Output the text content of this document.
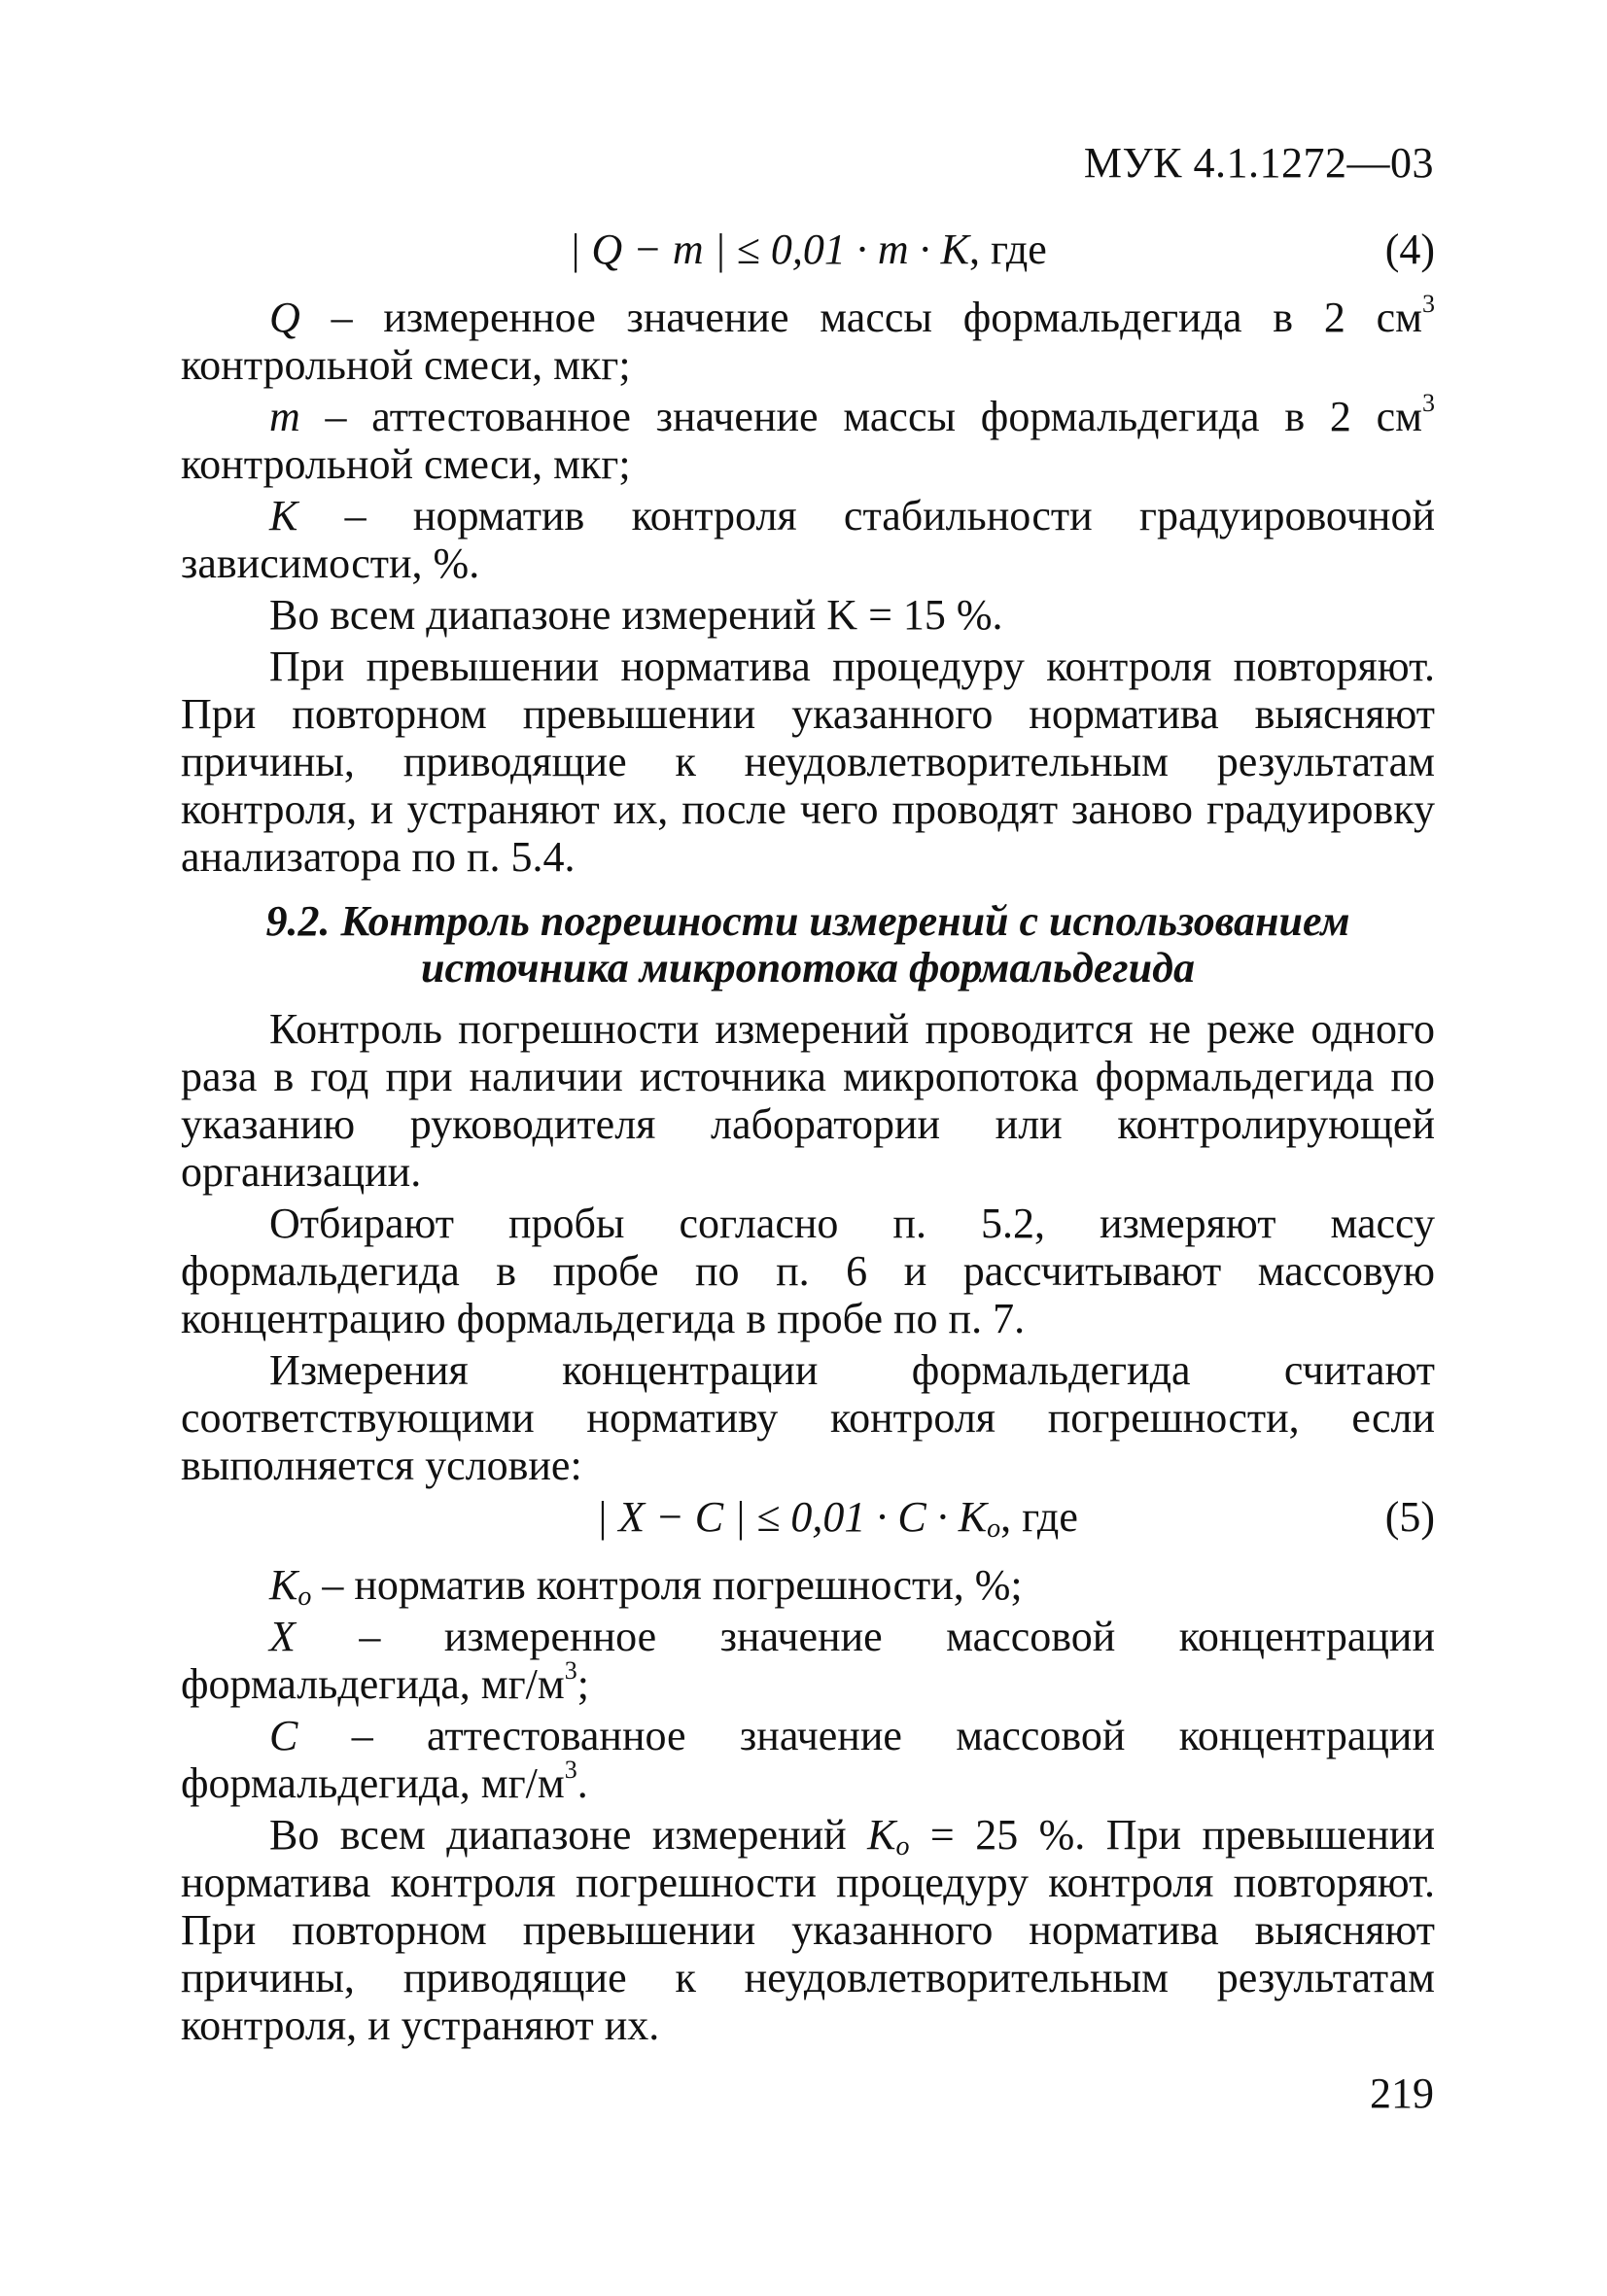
МУК 4.1.1272—03
| Q − m | ≤ 0,01 · m · K, где	(4)

Q – измеренное значение массы формальдегида в 2 $см^3$ контрольной смеси, мкг;

m – аттестованное значение массы формальдегида в 2 $см^3$ контрольной смеси, мкг;

K – норматив контроля стабильности градуировочной зависимости, %.

Во всем диапазоне измерений K = 15 %.

При превышении норматива процедуру контроля повторяют. При повторном превышении указанного норматива выясняют причины, приводящие к неудовлетворительным результатам контроля, и устраняют их, после чего проводят заново градуировку анализатора по п. 5.4.

9.2. Контроль погрешности измерений с использованием
источника микропотока формальдегида

Контроль погрешности измерений проводится не реже одного раза в год при наличии источника микропотока формальдегида по указанию руководителя лаборатории или контролирующей организации.

Отбирают пробы согласно п. 5.2, измеряют массу формальдегида в пробе по п. 6 и рассчитывают массовую концентрацию формальдегида в пробе по п. 7.

Измерения концентрации формальдегида считают соответствующими нормативу контроля погрешности, если выполняется условие:

| X − C | ≤ $0,01 \cdot C \cdot K_o$, где	(5)

$K_o$ – норматив контроля погрешности, %;

X – измеренное значение массовой концентрации формальдегида, $мг/м^3$;

C – аттестованное значение массовой концентрации формальдегида, $мг/м^3$.

Во всем диапазоне измерений $K_o = 25$ %. При превышении норматива контроля погрешности процедуру контроля повторяют. При повторном превышении указанного норматива выясняют причины, приводящие к неудовлетворительным результатам контроля, и устраняют их.

219
